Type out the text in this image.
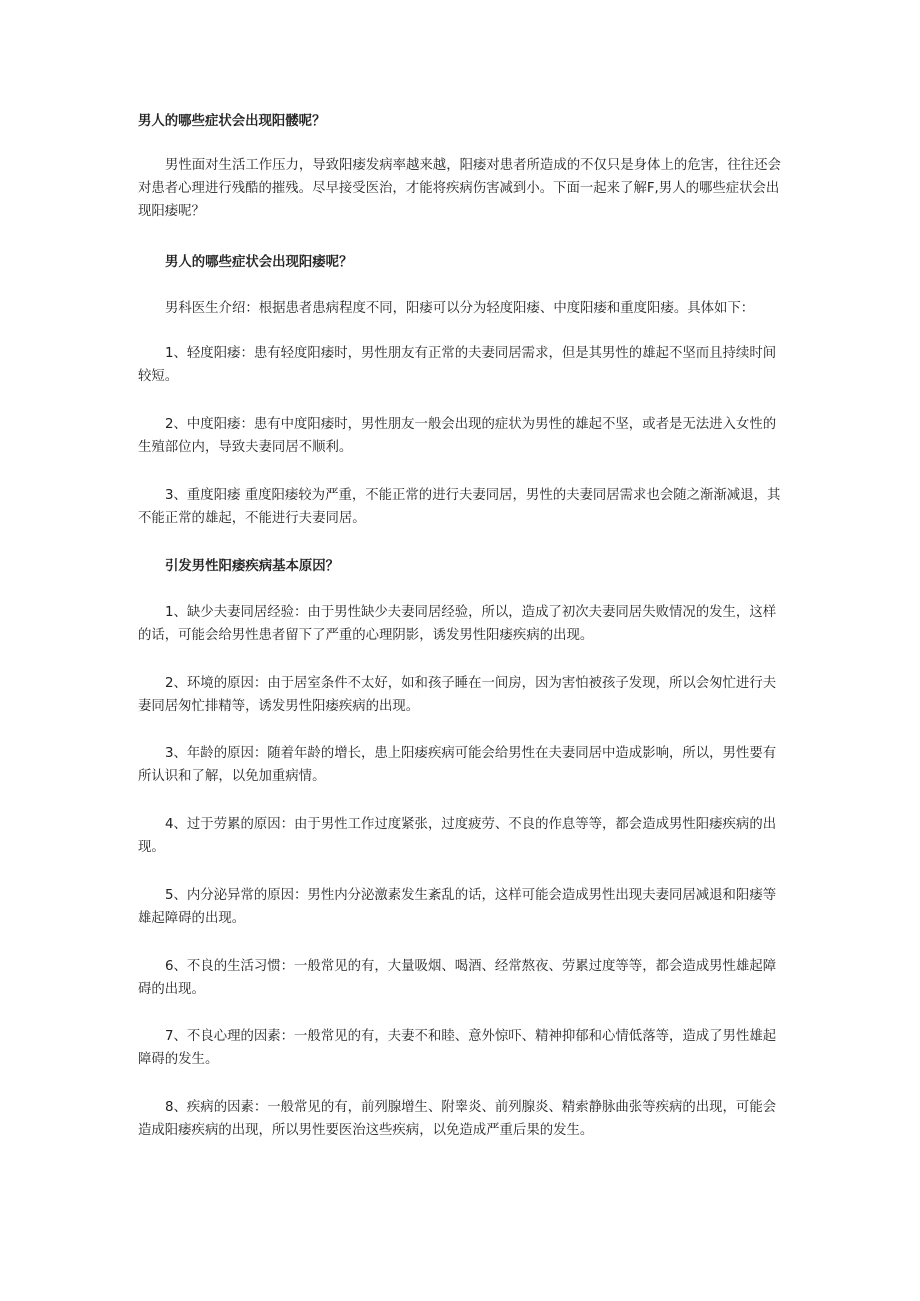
男人的哪些症状会出现阳髅呢？

男性面对生活工作压力，导致阳痿发病率越来越，阳痿对患者所造成的不仅只是身体上的危害，往往还会对患者心理进行残酷的摧残。尽早接受医治，才能将疾病伤害减到小。下面一起来了解F,男人的哪些症状会出现阳痿呢？

男人的哪些症状会出现阳痿呢？

男科医生介绍：根据患者患病程度不同，阳痿可以分为轻度阳痿、中度阳痿和重度阳痿。具体如下：

1、轻度阳痿：患有轻度阳痿时，男性朋友有正常的夫妻同居需求，但是其男性的雄起不坚而且持续时间较短。

2、中度阳痿：患有中度阳痿时，男性朋友一般会出现的症状为男性的雄起不坚，或者是无法进入女性的生殖部位内，导致夫妻同居不顺利。

3、重度阳痿 重度阳痿较为严重，不能正常的进行夫妻同居，男性的夫妻同居需求也会随之渐渐减退，其不能正常的雄起，不能进行夫妻同居。

引发男性阳痿疾病基本原因？

1、缺少夫妻同居经验：由于男性缺少夫妻同居经验，所以，造成了初次夫妻同居失败情况的发生，这样的话，可能会给男性患者留下了严重的心理阴影，诱发男性阳痿疾病的出现。

2、环境的原因：由于居室条件不太好，如和孩子睡在一间房，因为害怕被孩子发现，所以会匆忙进行夫妻同居匆忙排精等，诱发男性阳痿疾病的出现。

3、年龄的原因：随着年龄的增长，患上阳痿疾病可能会给男性在夫妻同居中造成影响，所以，男性要有所认识和了解，以免加重病情。

4、过于劳累的原因：由于男性工作过度紧张，过度疲劳、不良的作息等等，都会造成男性阳痿疾病的出现。

5、内分泌异常的原因：男性内分泌激素发生紊乱的话，这样可能会造成男性出现夫妻同居减退和阳痿等雄起障碍的出现。

6、不良的生活习惯：一般常见的有，大量吸烟、喝酒、经常熬夜、劳累过度等等，都会造成男性雄起障碍的出现。

7、不良心理的因素：一般常见的有，夫妻不和睦、意外惊吓、精神抑郁和心情低落等，造成了男性雄起障碍的发生。

8、疾病的因素：一般常见的有，前列腺增生、附睾炎、前列腺炎、精索静脉曲张等疾病的出现，可能会造成阳痿疾病的出现，所以男性要医治这些疾病，以免造成严重后果的发生。
